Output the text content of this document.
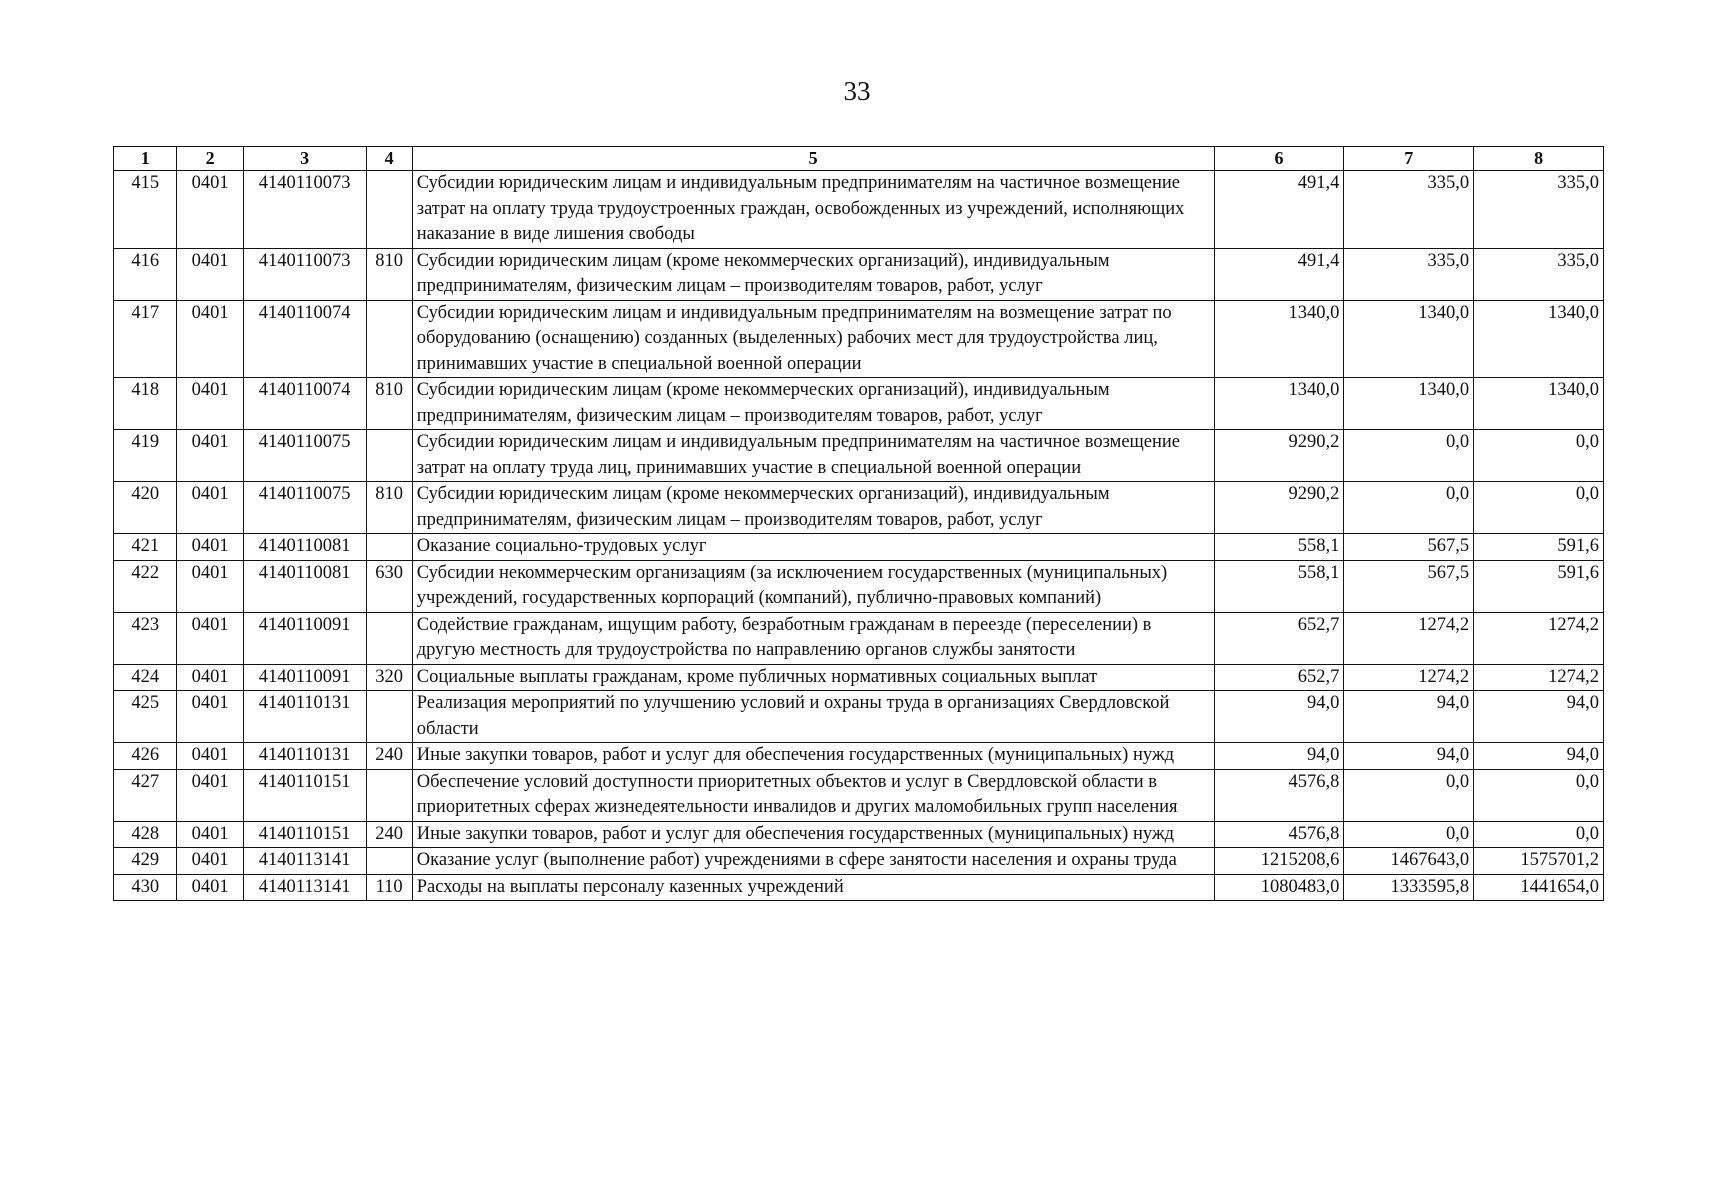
33
1	2	3	4	5	6	7	8
415	0401	4140110073		Субсидии юридическим лицам и индивидуальным предпринимателям на частичное возмещение затрат на оплату труда трудоустроенных граждан, освобожденных из учреждений, исполняющих наказание в виде лишения свободы	491,4	335,0	335,0
416	0401	4140110073	810	Субсидии юридическим лицам (кроме некоммерческих организаций), индивидуальным предпринимателям, физическим лицам – производителям товаров, работ, услуг	491,4	335,0	335,0
417	0401	4140110074		Субсидии юридическим лицам и индивидуальным предпринимателям на возмещение затрат по оборудованию (оснащению) созданных (выделенных) рабочих мест для трудоустройства лиц, принимавших участие в специальной военной операции	1340,0	1340,0	1340,0
418	0401	4140110074	810	Субсидии юридическим лицам (кроме некоммерческих организаций), индивидуальным предпринимателям, физическим лицам – производителям товаров, работ, услуг	1340,0	1340,0	1340,0
419	0401	4140110075		Субсидии юридическим лицам и индивидуальным предпринимателям на частичное возмещение затрат на оплату труда лиц, принимавших участие в специальной военной операции	9290,2	0,0	0,0
420	0401	4140110075	810	Субсидии юридическим лицам (кроме некоммерческих организаций), индивидуальным предпринимателям, физическим лицам – производителям товаров, работ, услуг	9290,2	0,0	0,0
421	0401	4140110081		Оказание социально-трудовых услуг	558,1	567,5	591,6
422	0401	4140110081	630	Субсидии некоммерческим организациям (за исключением государственных (муниципальных) учреждений, государственных корпораций (компаний), публично-правовых компаний)	558,1	567,5	591,6
423	0401	4140110091		Содействие гражданам, ищущим работу, безработным гражданам в переезде (переселении) в другую местность для трудоустройства по направлению органов службы занятости	652,7	1274,2	1274,2
424	0401	4140110091	320	Социальные выплаты гражданам, кроме публичных нормативных социальных выплат	652,7	1274,2	1274,2
425	0401	4140110131		Реализация мероприятий по улучшению условий и охраны труда в организациях Свердловской области	94,0	94,0	94,0
426	0401	4140110131	240	Иные закупки товаров, работ и услуг для обеспечения государственных (муниципальных) нужд	94,0	94,0	94,0
427	0401	4140110151		Обеспечение условий доступности приоритетных объектов и услуг в Свердловской области в приоритетных сферах жизнедеятельности инвалидов и других маломобильных групп населения	4576,8	0,0	0,0
428	0401	4140110151	240	Иные закупки товаров, работ и услуг для обеспечения государственных (муниципальных) нужд	4576,8	0,0	0,0
429	0401	4140113141		Оказание услуг (выполнение работ) учреждениями в сфере занятости населения и охраны труда	1215208,6	1467643,0	1575701,2
430	0401	4140113141	110	Расходы на выплаты персоналу казенных учреждений	1080483,0	1333595,8	1441654,0
